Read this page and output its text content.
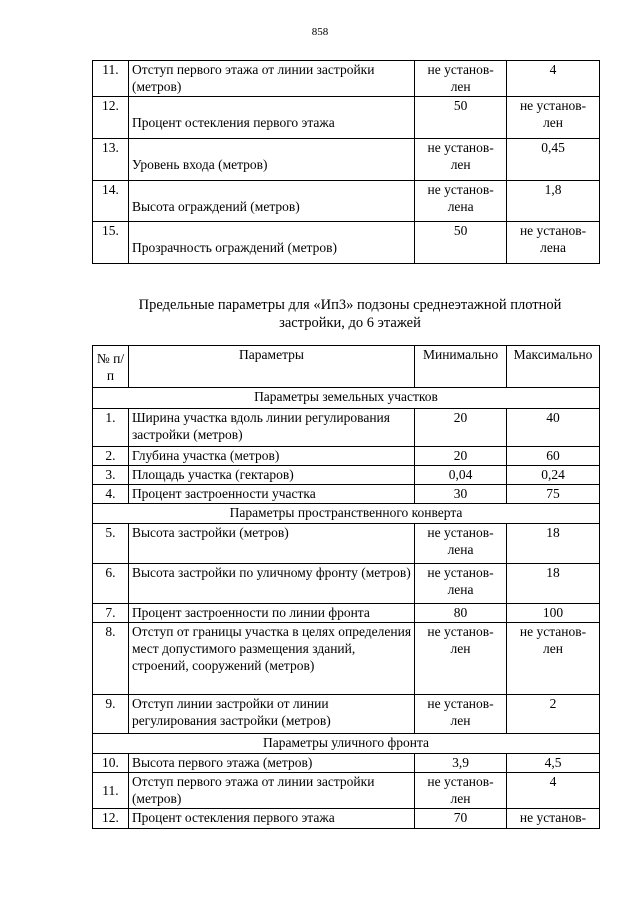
858
11.	Отступ первого этажа от линии застройки (метров)	не установ-лен	4
12.	Процент остекления первого этажа	50	не установ-лен
13.	Уровень входа (метров)	не установ-лен	0,45
14.	Высота ограждений (метров)	не установ-лена	1,8
15.	Прозрачность ограждений (метров)	50	не установ-лена
Предельные параметры для «Ип3» подзоны среднеэтажной плотной
застройки, до 6 этажей
№ п/п	Параметры	Минимально	Максимально
Параметры земельных участков			
1.	Ширина участка вдоль линии регулирования застройки (метров)	20	40
2.	Глубина участка (метров)	20	60
3.	Площадь участка (гектаров)	0,04	0,24
4.	Процент застроенности участка	30	75
Параметры пространственного конверта			
5.	Высота застройки (метров)	не установ-лена	18
6.	Высота застройки по уличному фронту (метров)	не установ-лена	18
7.	Процент застроенности по линии фронта	80	100
8.	Отступ от границы участка в целях определения мест допустимого размещения зданий, строений, сооружений (метров)	не установ-лен	не установ-лен
9.	Отступ линии застройки от линии регулирования застройки (метров)	не установ-лен	2
Параметры уличного фронта			
10.	Высота первого этажа (метров)	3,9	4,5
11.	Отступ первого этажа от линии застройки (метров)	не установ-лен	4
12.	Процент остекления первого этажа	70	не установ-
